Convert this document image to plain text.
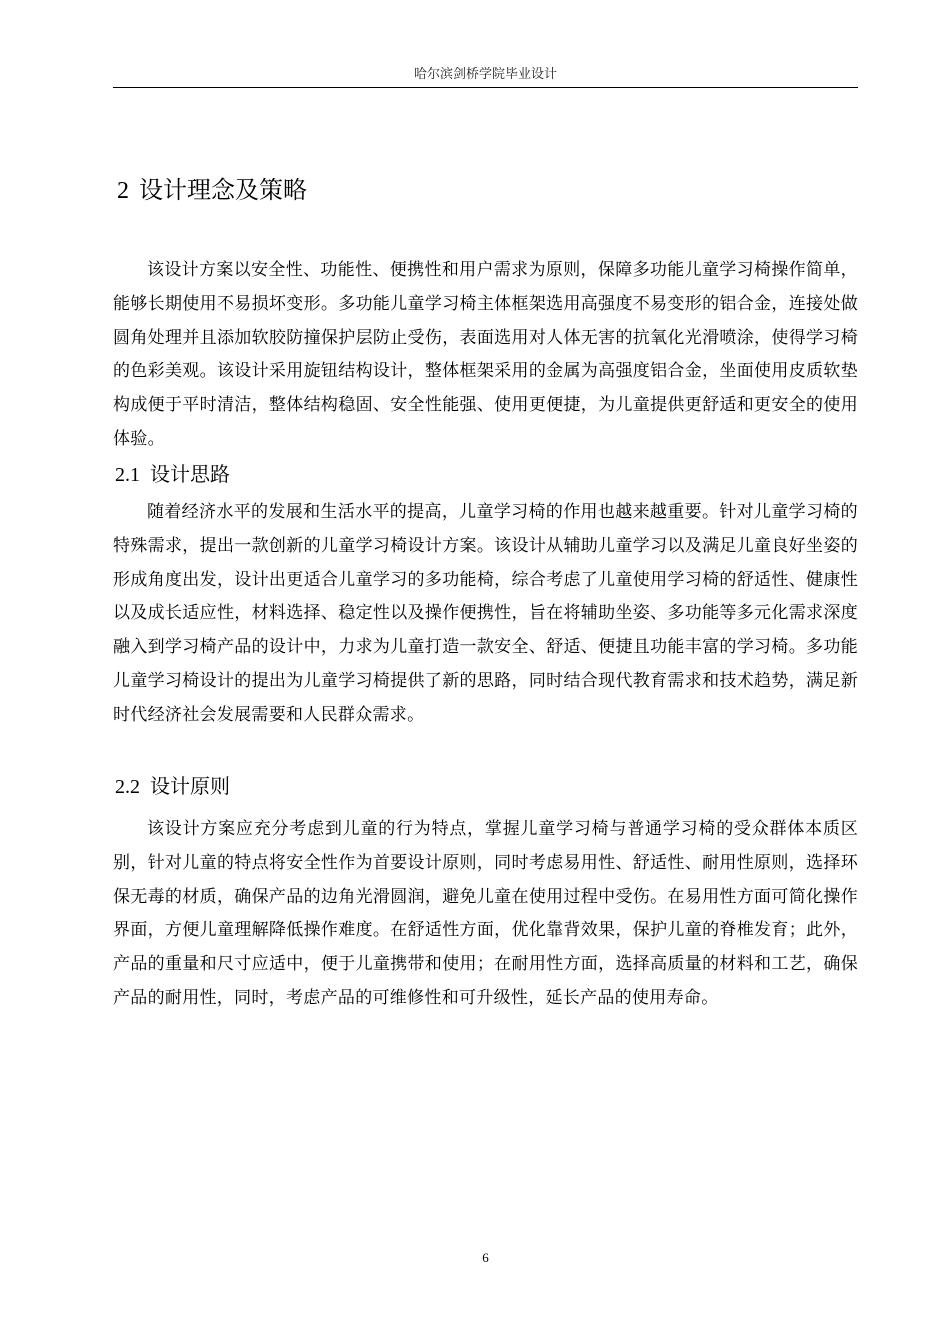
哈尔滨剑桥学院毕业设计
2 设计理念及策略

该设计方案以安全性、功能性、便携性和用户需求为原则，保障多功能儿童学习椅操作简单，能够长期使用不易损坏变形。多功能儿童学习椅主体框架选用高强度不易变形的铝合金，连接处做圆角处理并且添加软胶防撞保护层防止受伤，表面选用对人体无害的抗氧化光滑喷涂，使得学习椅的色彩美观。该设计采用旋钮结构设计，整体框架采用的金属为高强度铝合金，坐面使用皮质软垫构成便于平时清洁，整体结构稳固、安全性能强、使用更便捷，为儿童提供更舒适和更安全的使用体验。

2.1 设计思路

随着经济水平的发展和生活水平的提高，儿童学习椅的作用也越来越重要。针对儿童学习椅的特殊需求，提出一款创新的儿童学习椅设计方案。该设计从辅助儿童学习以及满足儿童良好坐姿的形成角度出发，设计出更适合儿童学习的多功能椅，综合考虑了儿童使用学习椅的舒适性、健康性以及成长适应性，材料选择、稳定性以及操作便携性，旨在将辅助坐姿、多功能等多元化需求深度融入到学习椅产品的设计中，力求为儿童打造一款安全、舒适、便捷且功能丰富的学习椅。多功能儿童学习椅设计的提出为儿童学习椅提供了新的思路，同时结合现代教育需求和技术趋势，满足新时代经济社会发展需要和人民群众需求。

2.2 设计原则

该设计方案应充分考虑到儿童的行为特点，掌握儿童学习椅与普通学习椅的受众群体本质区别，针对儿童的特点将安全性作为首要设计原则，同时考虑易用性、舒适性、耐用性原则，选择环保无毒的材质，确保产品的边角光滑圆润，避免儿童在使用过程中受伤。在易用性方面可简化操作界面，方便儿童理解降低操作难度。在舒适性方面，优化靠背效果，保护儿童的脊椎发育；此外，产品的重量和尺寸应适中，便于儿童携带和使用；在耐用性方面，选择高质量的材料和工艺，确保产品的耐用性，同时，考虑产品的可维修性和可升级性，延长产品的使用寿命。

6
